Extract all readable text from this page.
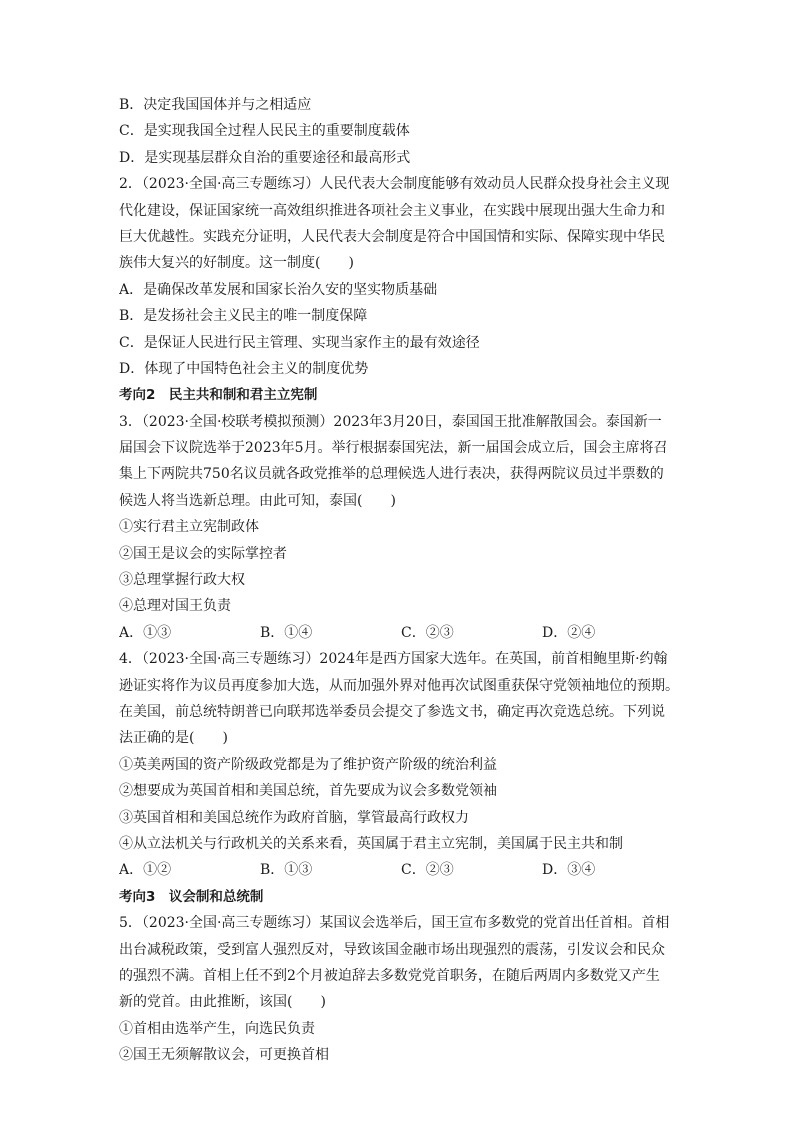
B．决定我国国体并与之相适应
C．是实现我国全过程人民民主的重要制度载体
D．是实现基层群众自治的重要途径和最高形式
2．（2023·全国·高三专题练习）人民代表大会制度能够有效动员人民群众投身社会主义现
代化建设，保证国家统一高效组织推进各项社会主义事业，在实践中展现出强大生命力和
巨大优越性。实践充分证明，人民代表大会制度是符合中国国情和实际、保障实现中华民
族伟大复兴的好制度。这一制度(　　)
A．是确保改革发展和国家长治久安的坚实物质基础
B．是发扬社会主义民主的唯一制度保障
C．是保证人民进行民主管理、实现当家作主的最有效途径
D．体现了中国特色社会主义的制度优势
考向2　民主共和制和君主立宪制
3．（2023·全国·校联考模拟预测）2023年3月20日，泰国国王批准解散国会。泰国新一
届国会下议院选举于2023年5月。举行根据泰国宪法，新一届国会成立后，国会主席将召
集上下两院共750名议员就各政党推举的总理候选人进行表决，获得两院议员过半票数的
候选人将当选新总理。由此可知，泰国(　　)
①实行君主立宪制政体
②国王是议会的实际掌控者
③总理掌握行政大权
④总理对国王负责
A．①③	B．①④	C．②③	D．②④
4．（2023·全国·高三专题练习）2024年是西方国家大选年。在英国，前首相鲍里斯·约翰
逊证实将作为议员再度参加大选，从而加强外界对他再次试图重获保守党领袖地位的预期。
在美国，前总统特朗普已向联邦选举委员会提交了参选文书，确定再次竞选总统。下列说
法正确的是(　　)
①英美两国的资产阶级政党都是为了维护资产阶级的统治利益
②想要成为英国首相和美国总统，首先要成为议会多数党领袖
③英国首相和美国总统作为政府首脑，掌管最高行政权力
④从立法机关与行政机关的关系来看，英国属于君主立宪制，美国属于民主共和制
A．①②	B．①③	C．②③	D．③④
考向3　议会制和总统制
5．（2023·全国·高三专题练习）某国议会选举后，国王宣布多数党的党首出任首相。首相
出台减税政策，受到富人强烈反对，导致该国金融市场出现强烈的震荡，引发议会和民众
的强烈不满。首相上任不到2个月被迫辞去多数党党首职务，在随后两周内多数党又产生
新的党首。由此推断，该国(　　)
①首相由选举产生，向选民负责
②国王无须解散议会，可更换首相
